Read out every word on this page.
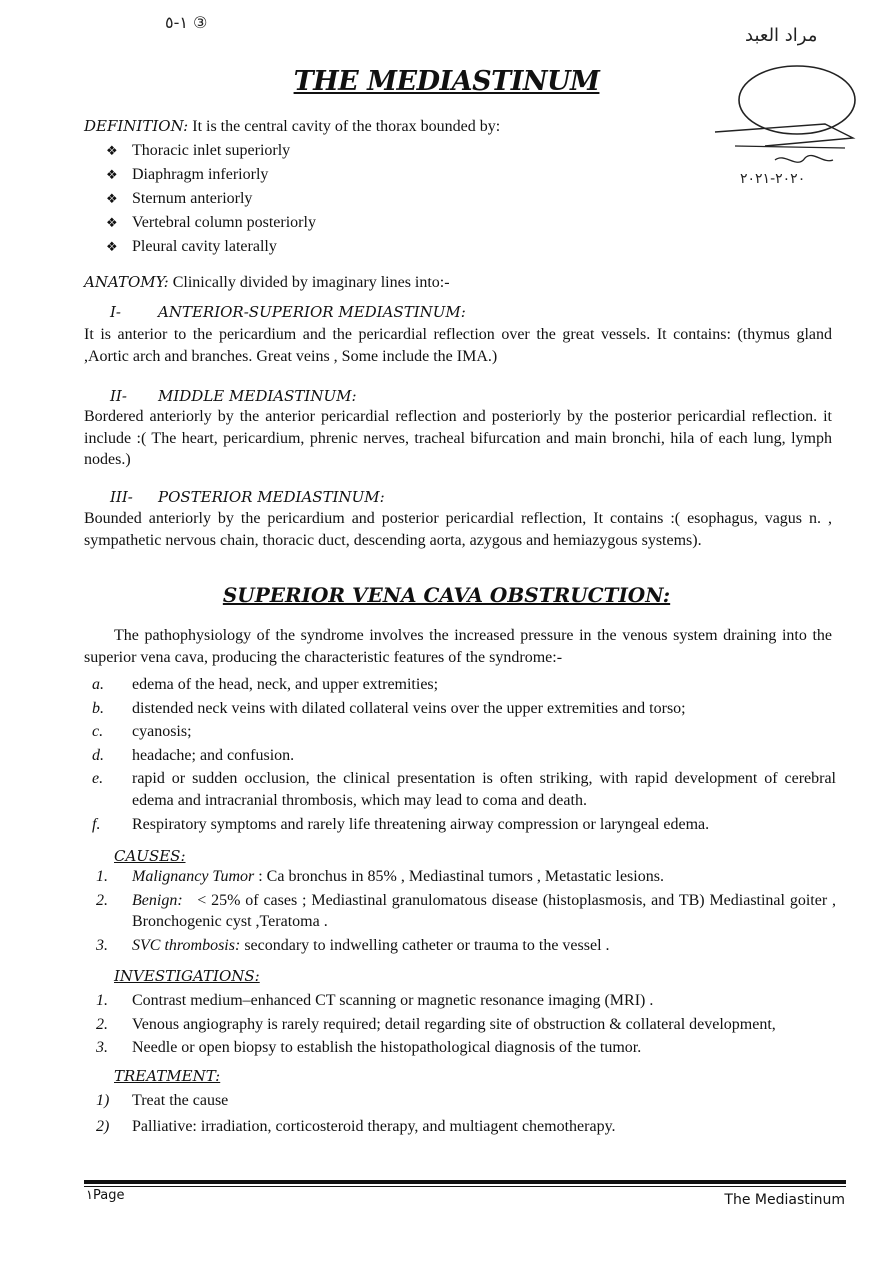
١-٥ ③
مراد العبد
٢٠٢٠-٢٠٢١
THE MEDIASTINUM
DEFINITION: It is the central cavity of the thorax bounded by:
❖ Thoracic inlet superiorly
❖ Diaphragm inferiorly
❖ Sternum anteriorly
❖ Vertebral column posteriorly
❖ Pleural cavity laterally
ANATOMY: Clinically divided by imaginary lines into:-
I- ANTERIOR-SUPERIOR MEDIASTINUM:
It is anterior to the pericardium and the pericardial reflection over the great vessels. It contains: (thymus gland ,Aortic arch and branches. Great veins , Some include the IMA.)
II- MIDDLE MEDIASTINUM:
Bordered anteriorly by the anterior pericardial reflection and posteriorly by the posterior pericardial reflection. it include :( The heart, pericardium, phrenic nerves, tracheal bifurcation and main bronchi, hila of each lung, lymph nodes.)
III- POSTERIOR MEDIASTINUM:
Bounded anteriorly by the pericardium and posterior pericardial reflection, It contains :( esophagus, vagus n. , sympathetic nervous chain, thoracic duct, descending aorta, azygous and hemiazygous systems).
SUPERIOR VENA CAVA OBSTRUCTION:
The pathophysiology of the syndrome involves the increased pressure in the venous system draining into the superior vena cava, producing the characteristic features of the syndrome:-
a. edema of the head, neck, and upper extremities;
b. distended neck veins with dilated collateral veins over the upper extremities and torso;
c. cyanosis;
d. headache; and confusion.
e. rapid or sudden occlusion, the clinical presentation is often striking, with rapid development of cerebral edema and intracranial thrombosis, which may lead to coma and death.
f. Respiratory symptoms and rarely life threatening airway compression or laryngeal edema.
CAUSES:
1. Malignancy Tumor : Ca bronchus in 85% , Mediastinal tumors , Metastatic lesions.
2. Benign: < 25% of cases ; Mediastinal granulomatous disease (histoplasmosis, and TB) Mediastinal goiter , Bronchogenic cyst ,Teratoma .
3. SVC thrombosis: secondary to indwelling catheter or trauma to the vessel .
INVESTIGATIONS:
1. Contrast medium–enhanced CT scanning or magnetic resonance imaging (MRI) .
2. Venous angiography is rarely required; detail regarding site of obstruction & collateral development,
3. Needle or open biopsy to establish the histopathological diagnosis of the tumor.
TREATMENT:
1) Treat the cause
2) Palliative: irradiation, corticosteroid therapy, and multiagent chemotherapy.
١Page	The Mediastinum
